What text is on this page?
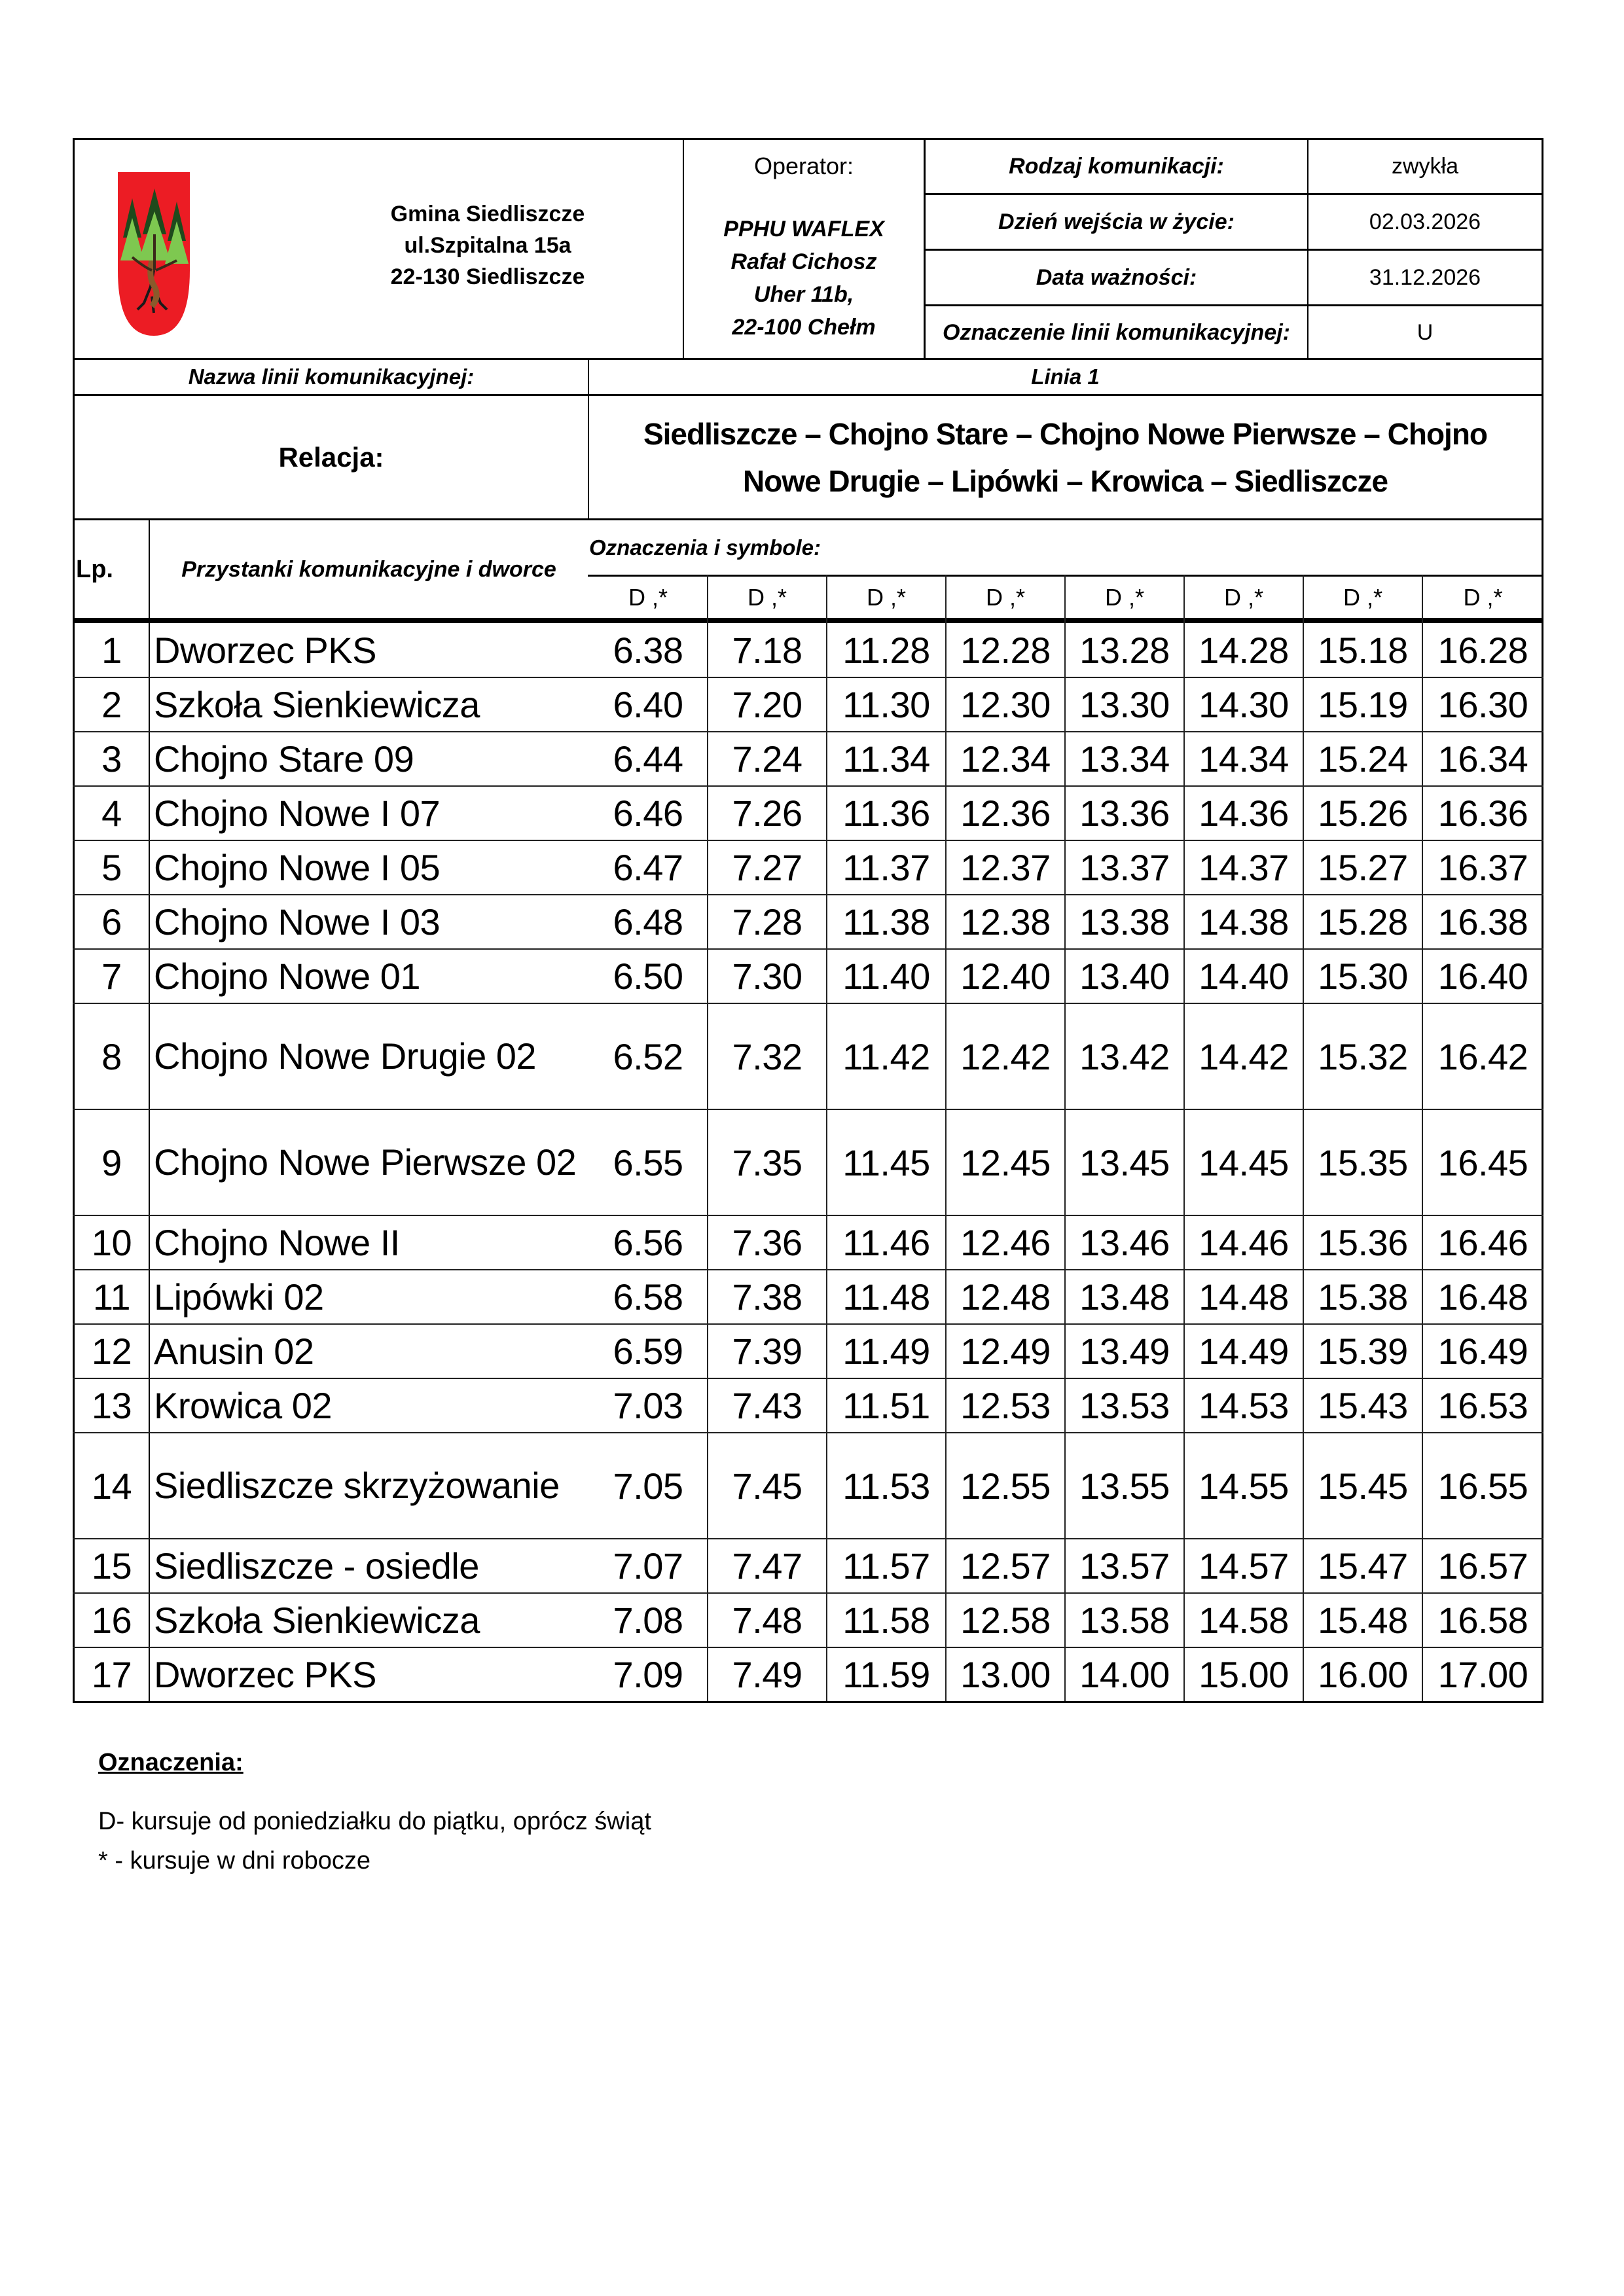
Gmina Siedliszcze
ul.Szpitalna 15a
22-130 Siedliszcze
Operator:
PPHU WAFLEX
Rafał Cichosz
Uher 11b,
22-100 Chełm
Rodzaj komunikacji:	zwykła
Dzień wejścia w życie:	02.03.2026
Data ważności:	31.12.2026
Oznaczenie linii komunikacyjnej:	U
Nazwa linii komunikacyjnej:	Linia 1
Relacja:
Siedliszcze – Chojno Stare – Chojno Nowe Pierwsze – Chojno
Nowe Drugie – Lipówki – Krowica – Siedliszcze
Lp.	Przystanki komunikacyjne i dworce
Oznaczenia i symbole:
D ,*	D ,*	D ,*	D ,*	D ,*	D ,*	D ,*	D ,*
1 Dworzec PKS	6.38	7.18	11.28 12.28 13.28 14.28 15.18 16.28
2 Szkoła Sienkiewicza	6.40	7.20	11.30 12.30 13.30 14.30 15.19 16.30
3 Chojno Stare 09	6.44	7.24	11.34 12.34 13.34 14.34 15.24 16.34
4 Chojno Nowe I 07	6.46	7.26	11.36 12.36 13.36 14.36 15.26 16.36
5 Chojno Nowe I 05	6.47	7.27	11.37 12.37 13.37 14.37 15.27 16.37
6 Chojno Nowe I 03	6.48	7.28	11.38 12.38 13.38 14.38 15.28 16.38
7 Chojno Nowe 01	6.50	7.30	11.40 12.40 13.40 14.40 15.30 16.40
8 Chojno Nowe Drugie 02	6.52	7.32	11.42 12.42 13.42 14.42 15.32 16.42
9 Chojno Nowe Pierwsze 02	6.55	7.35	11.45 12.45 13.45 14.45 15.35 16.45
10 Chojno Nowe II	6.56	7.36	11.46 12.46 13.46 14.46 15.36 16.46
11 Lipówki 02	6.58	7.38	11.48 12.48 13.48 14.48 15.38 16.48
12 Anusin 02	6.59	7.39	11.49 12.49 13.49 14.49 15.39 16.49
13 Krowica 02	7.03	7.43	11.51 12.53 13.53 14.53 15.43 16.53
14 Siedliszcze skrzyżowanie	7.05	7.45	11.53 12.55 13.55 14.55 15.45 16.55
15 Siedliszcze - osiedle	7.07	7.47	11.57 12.57 13.57 14.57 15.47 16.57
16 Szkoła Sienkiewicza	7.08	7.48	11.58 12.58 13.58 14.58 15.48 16.58
17 Dworzec PKS	7.09	7.49	11.59 13.00 14.00 15.00 16.00 17.00
Oznaczenia:
D- kursuje od poniedziałku do piątku, oprócz świąt
* - kursuje w dni robocze
